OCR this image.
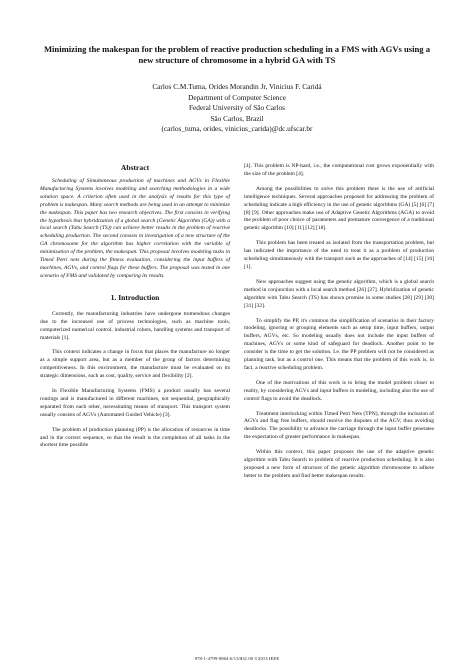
Minimizing the makespan for the problem of reactive production scheduling in a FMS with AGVs using a new structure of chromosome in a hybrid GA with TS
Carlos C.M.Tuma, Orides Morandin Jr, Vinicius F. Caridá
Department of Computer Science
Federal University of São Carlos
São Carlos, Brazil
(carlos_tuma, orides, vinicius_carida)@dc.ufscar.br
Abstract

Scheduling of Simultaneous production of machines and AGVs in Flexible Manufacturing Systems involves modeling and searching methodologies in a wide solution space. A criterion often used in the analysis of results for this type of problem is makespan. Many search methods are being used in an attempt to minimize the makespan. This paper has two research objectives. The first consists in verifying the hypothesis that hybridization of a global search (Genetic Algorithm (GA)) with a local search (Tabu Search (TS)) can achieve better results in the problem of reactive scheduling production. The second consists in investigation of a new structure of the GA chromosome for the algorithm has higher correlation with the variable of minimization of the problem, the makespan. This proposal involves modeling tasks in Timed Petri nets during the fitness evaluation, considering the input buffers of machines, AGVs, and control flags for these buffers. The proposal was tested in one scenario of FMS and validated by comparing its results.

1. Introduction

Currently, the manufacturing industries have undergone tremendous changes due to the increased use of process technologies, such as machine tools, computerized numerical control, industrial robots, handling systems and transport of materials [1].

This context indicates a change in focus that places the manufacture no longer as a simple support area, but as a member of the group of factors determining competitiveness. In this environment, the manufacture must be evaluated on its strategic dimensions, such as cost, quality, service and flexibility [2].

In Flexible Manufacturing Systems (FMS) a product usually has several routings and is manufactured in different machines, not sequential, geographically separated from each other, necessitating means of transport. This transport system usually consists of AGVs (Automated Guided Vehicle) [3].

The problem of production planning (PP) is the allocation of resources in time and in the correct sequence, so that the result is the completion of all tasks in the shortest time possible

[4]. This problem is NP-hard, i.e., the computational cost grows exponentially with the size of the problem [4].

Among the possibilities to solve this problem there is the use of artificial intelligence techniques. Several approaches proposed for addressing the problem of scheduling indicate a high efficiency in the use of genetic algorithms (GA) [5] [6] [7] [8] [9]. Other approaches make use of Adaptive Genetic Algorithms (AGA) to avoid the problem of poor choice of parameters and premature convergence of a traditional genetic algorithm [10] [11] [12] [18].

This problem has been treated as isolated from the transportation problem, but has indicated the importance of the need to treat it as a problem of production scheduling simultaneously with the transport such as the approaches of [14] [15] [16] [1].

New approaches suggest using the genetic algorithm, which is a global search method in conjunction with a local search method [26] [27]. Hybridization of genetic algorithm with Tabu Search (TS) has shown promise in some studies [28] [29] [30] [31] [32].

To simplify the PP, it's common the simplification of scenarios in their factory modeling, ignoring or grouping elements such as setup time, input buffers, output buffers, AGVs, etc. So modeling usually does not include the input buffers of machines, AGVs or some kind of safeguard for deadlock. Another point to be consider is the time to get the solution. I.e. the PP problem will not be considered as planning task, but as a control one. This means that the problem of this work is, in fact, a reactive scheduling problem.

One of the motivations of this work is to bring the model problem closer to reality, by considering AGVs and input buffers in modeling, including also the use of control flags to avoid the deadlock.

Treatment interlocking within Timed Petri Nets (TPN), through the inclusion of AGVs and flag free buffers, should resolve the disputes of the AGV, thus avoiding deadlocks. The possibility to advance the carriage through the input buffer generates the expectation of greater performance in makespan.

Within this context, this paper proposes the use of the adaptive genetic algorithm with Tabu Search to problem of reactive production scheduling. It is also proposed a new form of structure of the genetic algorithm chromosome to adhere better to the problem and find better makespan results.

978-1-4799-0864-6/13/$31.00 ©2013 IEEE
